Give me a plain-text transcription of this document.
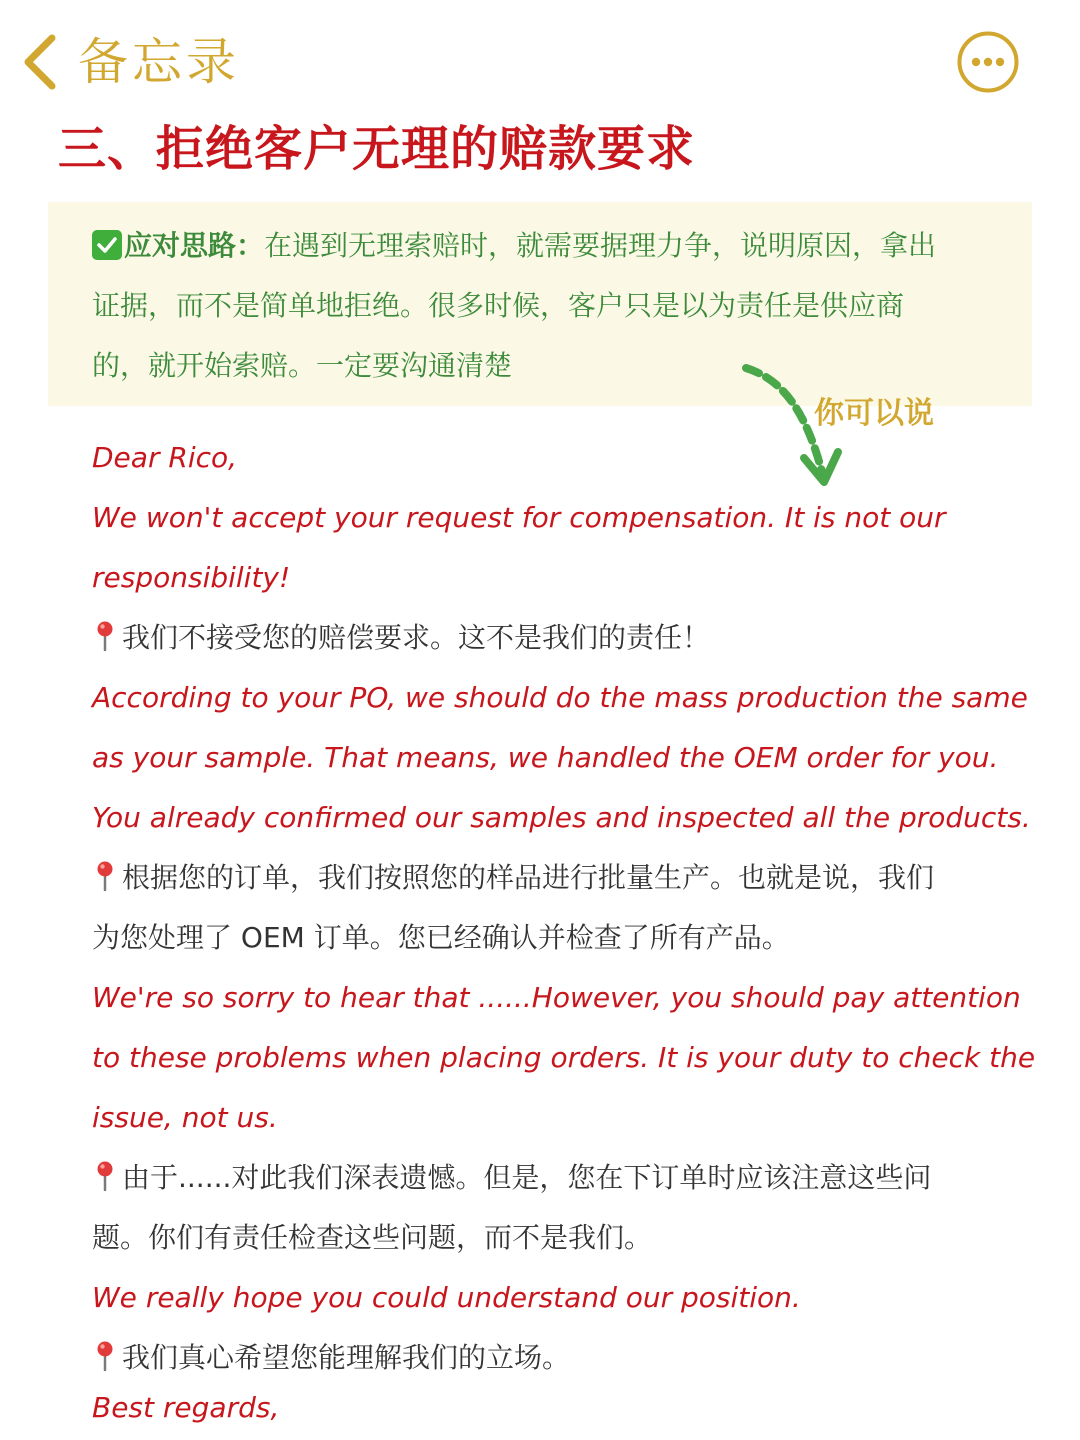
备忘录
三、拒绝客户无理的赔款要求
应对思路：在遇到无理索赔时，就需要据理力争，说明原因，拿出
证据，而不是简单地拒绝。很多时候，客户只是以为责任是供应商
的，就开始索赔。一定要沟通清楚
你可以说
Dear Rico,
We won't accept your request for compensation. It is not our
responsibility!
我们不接受您的赔偿要求。这不是我们的责任！
According to your PO, we should do the mass production the same
as your sample. That means, we handled the OEM order for you.
You already confirmed our samples and inspected all the products.
根据您的订单，我们按照您的样品进行批量生产。也就是说，我们
为您处理了 OEM 订单。您已经确认并检查了所有产品。
We're so sorry to hear that ......However, you should pay attention
to these problems when placing orders. It is your duty to check the
issue, not us.
由于......对此我们深表遗憾。但是，您在下订单时应该注意这些问
题。你们有责任检查这些问题，而不是我们。
We really hope you could understand our position.
我们真心希望您能理解我们的立场。
Best regards,
